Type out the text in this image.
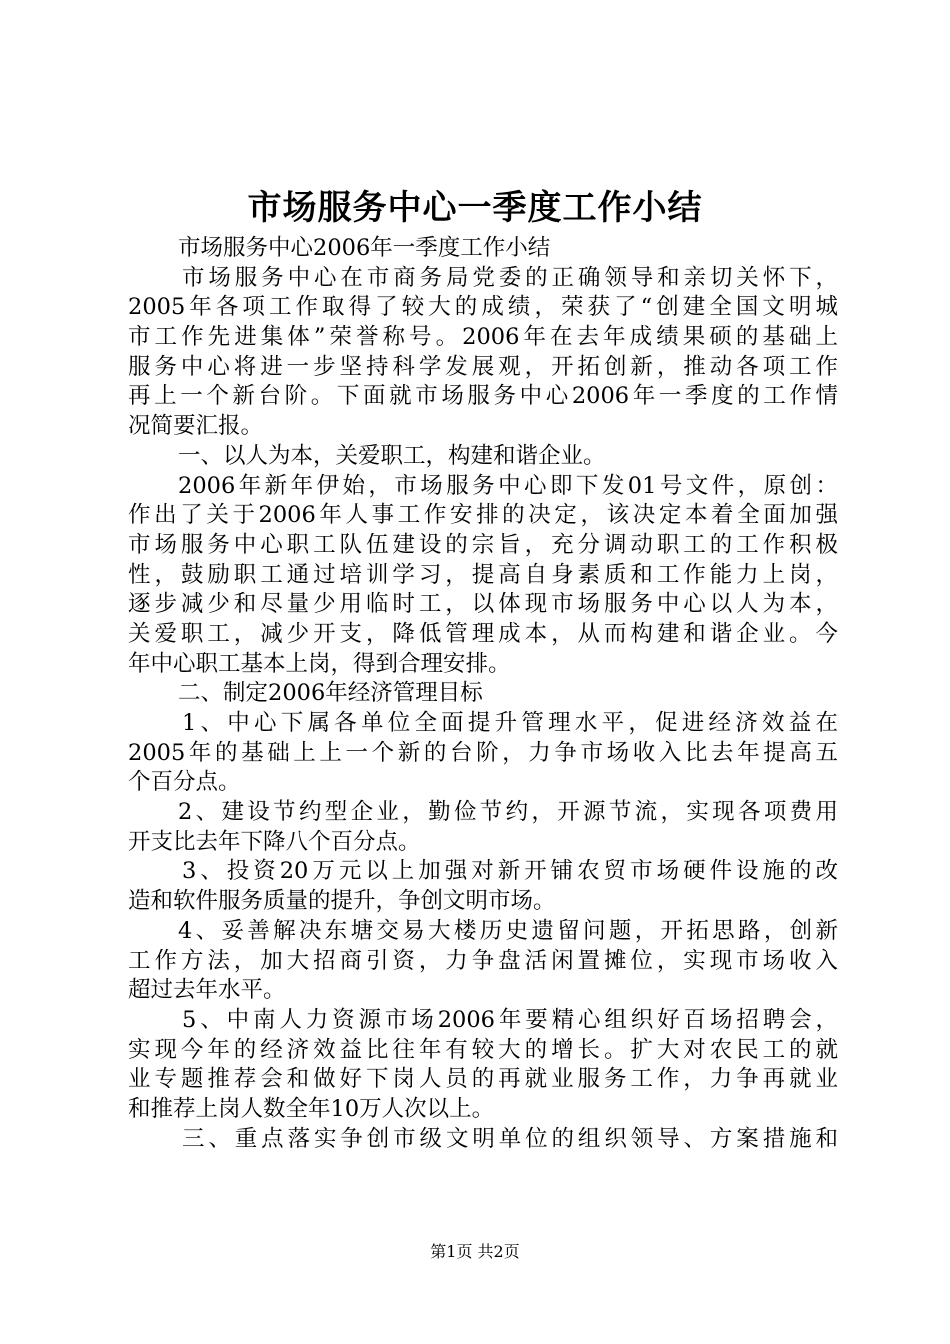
市场服务中心一季度工作小结
市场服务中心2006年一季度工作小结
市场服务中心在市商务局党委的正确领导和亲切关怀下，
2005年各项工作取得了较大的成绩，荣获了“创建全国文明城
市工作先进集体”荣誉称号。2006年在去年成绩果硕的基础上
服务中心将进一步坚持科学发展观，开拓创新，推动各项工作
再上一个新台阶。下面就市场服务中心2006年一季度的工作情
况简要汇报。
一、以人为本，关爱职工，构建和谐企业。
2006年新年伊始，市场服务中心即下发01号文件，原创：
作出了关于2006年人事工作安排的决定，该决定本着全面加强
市场服务中心职工队伍建设的宗旨，充分调动职工的工作积极
性，鼓励职工通过培训学习，提高自身素质和工作能力上岗，
逐步减少和尽量少用临时工，以体现市场服务中心以人为本，
关爱职工，减少开支，降低管理成本，从而构建和谐企业。今
年中心职工基本上岗，得到合理安排。
二、制定2006年经济管理目标
1、中心下属各单位全面提升管理水平，促进经济效益在
2005年的基础上上一个新的台阶，力争市场收入比去年提高五
个百分点。
2、建设节约型企业，勤俭节约，开源节流，实现各项费用
开支比去年下降八个百分点。
3、投资20万元以上加强对新开铺农贸市场硬件设施的改
造和软件服务质量的提升，争创文明市场。
4、妥善解决东塘交易大楼历史遗留问题，开拓思路，创新
工作方法，加大招商引资，力争盘活闲置摊位，实现市场收入
超过去年水平。
5、中南人力资源市场2006年要精心组织好百场招聘会，
实现今年的经济效益比往年有较大的增长。扩大对农民工的就
业专题推荐会和做好下岗人员的再就业服务工作，力争再就业
和推荐上岗人数全年10万人次以上。
三、重点落实争创市级文明单位的组织领导、方案措施和
第1页 共2页
